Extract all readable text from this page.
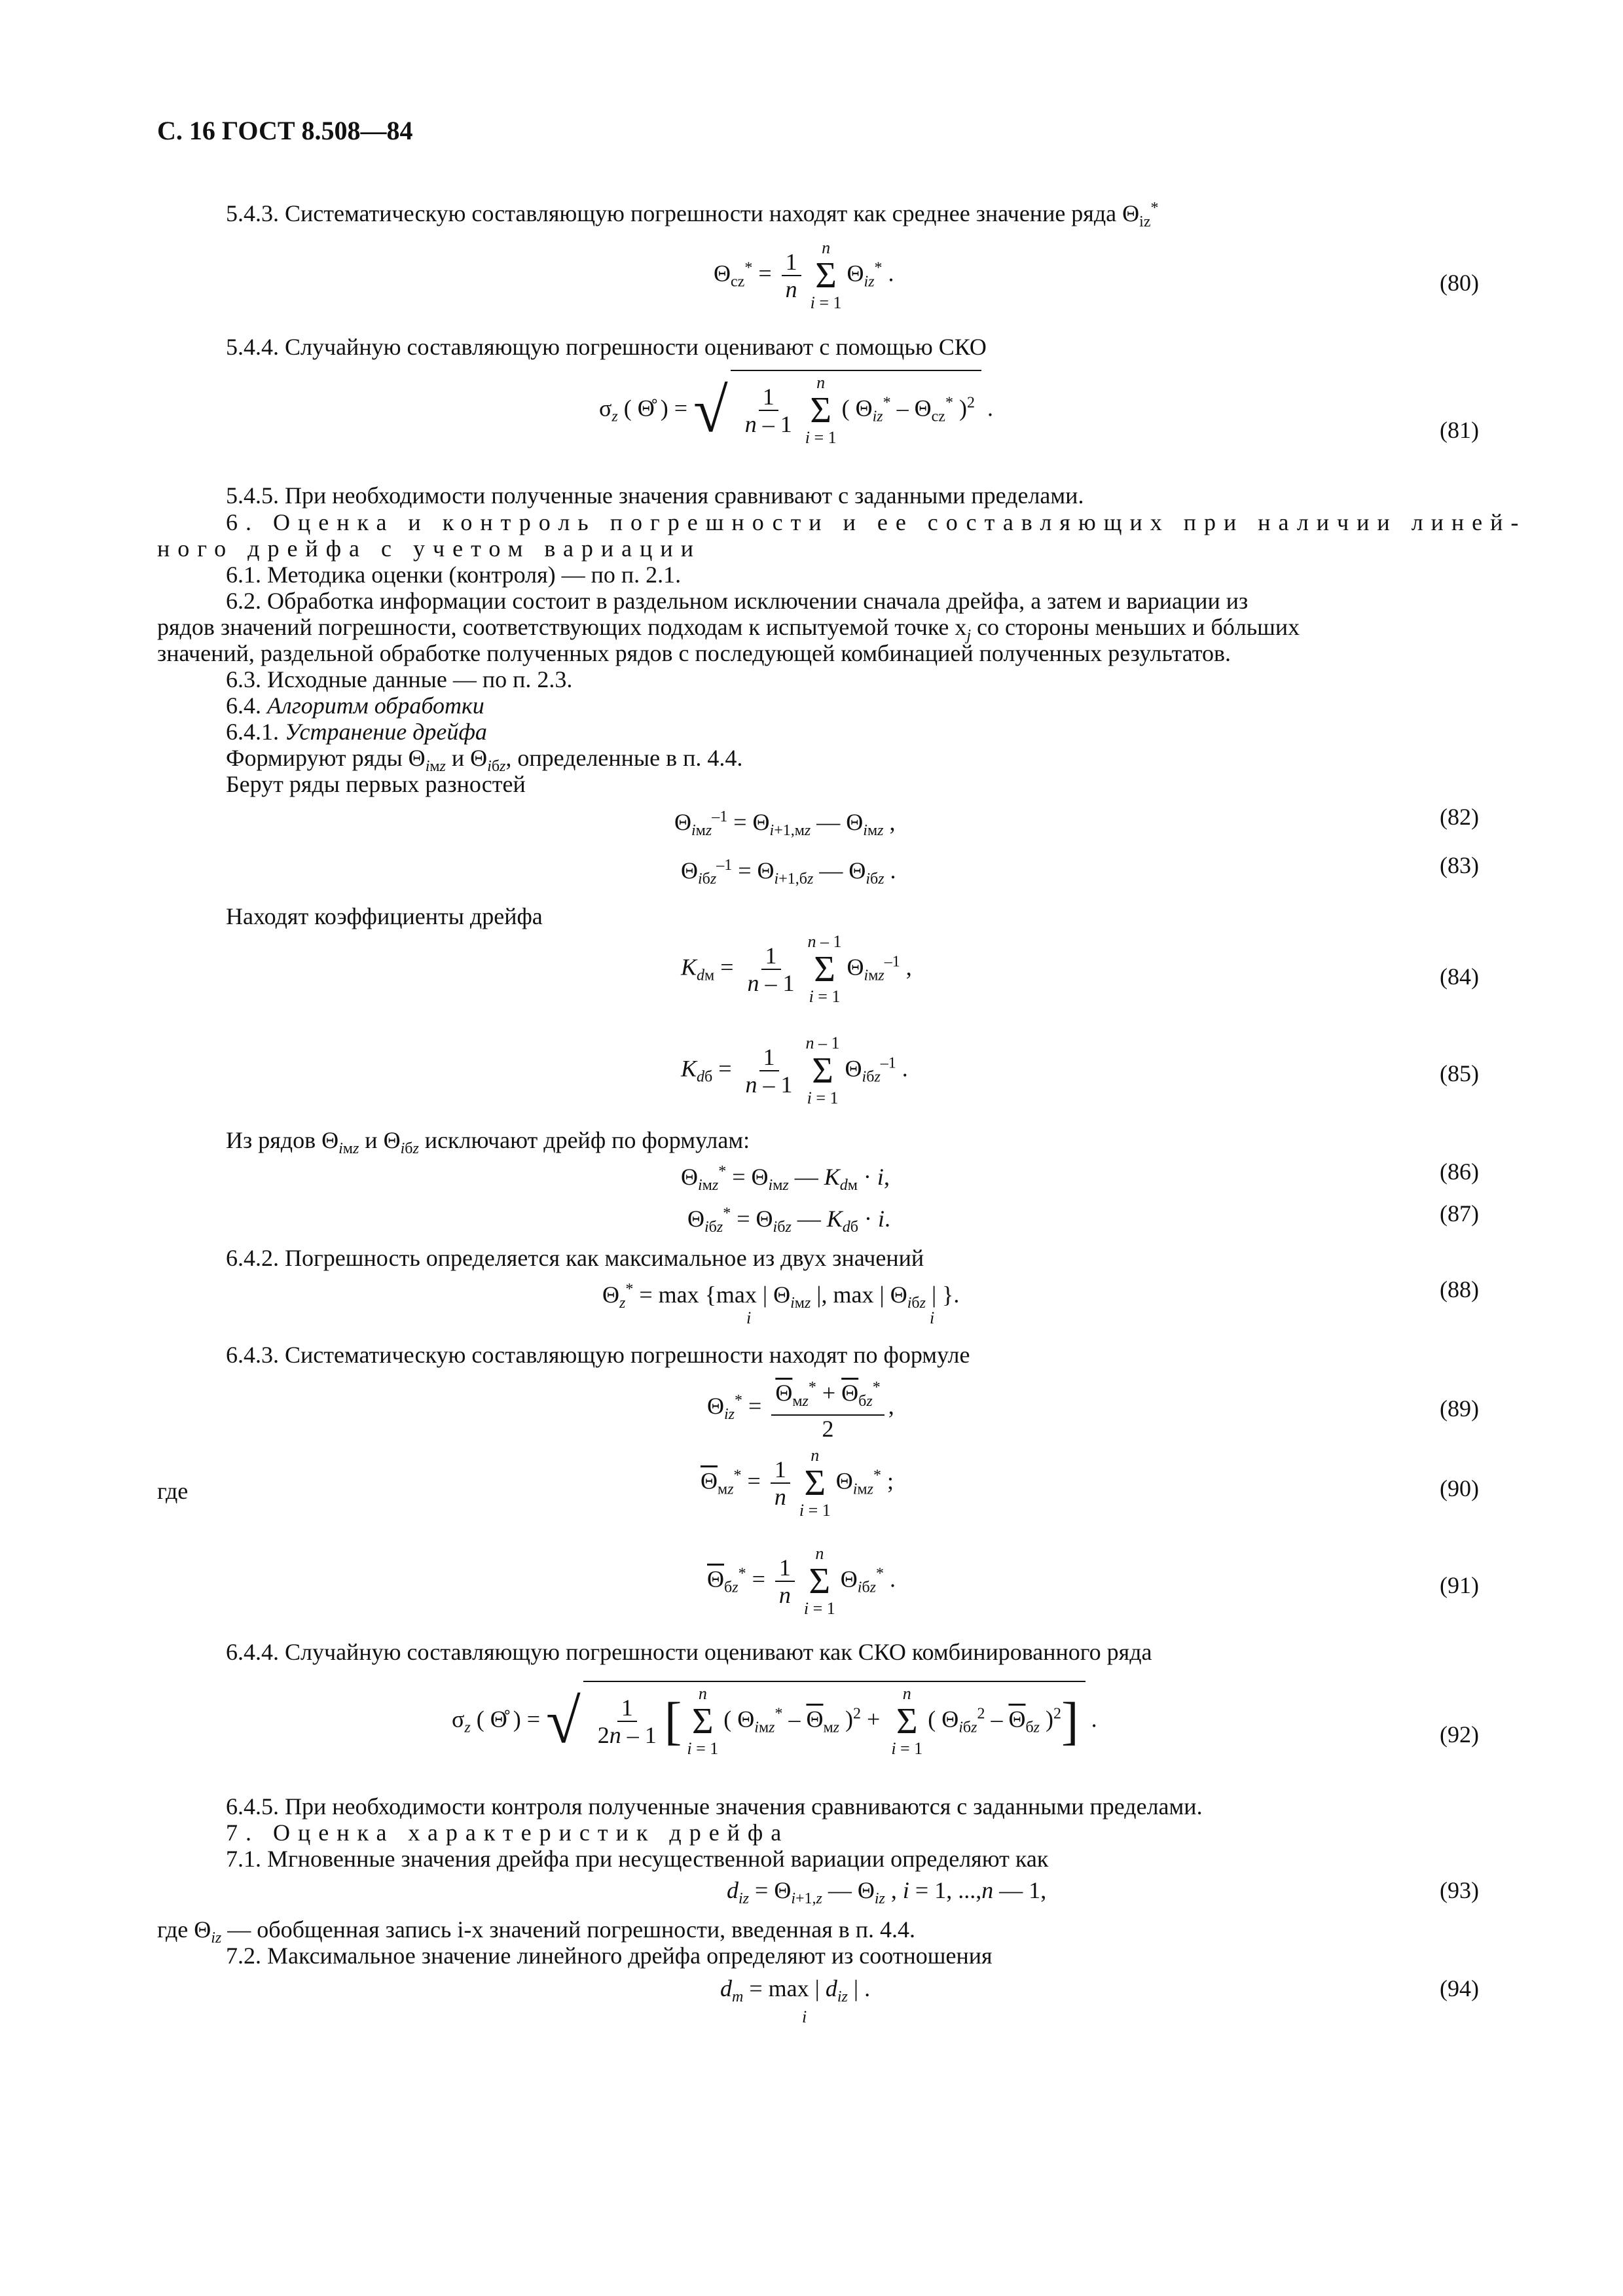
С. 16 ГОСТ 8.508—84
5.4.3. Систематическую составляющую погрешности находят как среднее значение ряда $\Theta_{iz}^*$
$\Theta_{cz}^* = \frac{1}{n}$
n
Σ
i = 1
$\Theta_{iz}^*$ .	(80)
5.4.4. Случайную составляющую погрешности оценивают с помощью СКО
$\sigma_z$ ( Θ̊ ) = √ $\frac{1}{n - 1}$
n
Σ
i = 1
( $\Theta_{iz}^* - \Theta_{cz}^*$ )$^2$ .
(81)
5.4.5. При необходимости полученные значения сравнивают с заданными пределами.
6. Оценка и контроль погрешности и ее составляющих при наличии линей-
ного дрейфа с учетом вариации
6.1. Методика оценки (контроля) — по п. 2.1.
6.2. Обработка информации состоит в раздельном исключении сначала дрейфа, а затем и вариации из
рядов значений погрешности, соответствующих подходам к испытуемой точке $x_j$ со стороны меньших и бóльших
значений, раздельной обработке полученных рядов с последующей комбинацией полученных результатов.
6.3. Исходные данные — по п. 2.3.
6.4. Алгоритм обработки
6.4.1. Устранение дрейфа
Формируют ряды $\Theta_{iмz}$ и $\Theta_{iбz}$, определенные в п. 4.4.
Берут ряды первых разностей
$\Theta_{iмz}^{-1} = \Theta_{i+1,мz}$ — $\Theta_{iмz}$ ,	(82)
$\Theta_{iбz}^{-1} = \Theta_{i+1,бz}$ — $\Theta_{iбz}$ .	(83)
Находят коэффициенты дрейфа
$K_{dм} = \frac{1}{n - 1}$
n – 1
Σ
i = 1
$\Theta_{iмz}^{-1}$ ,	(84)
$K_{dб} = \frac{1}{n - 1}$
n – 1
Σ
i = 1
$\Theta_{iбz}^{-1}$ .	(85)
Из рядов $\Theta_{iмz}$ и $\Theta_{iбz}$ исключают дрейф по формулам:
$\Theta_{iмz}^* = \Theta_{iмz}$ — $K_{dм} \cdot i$,	(86)
$\Theta_{iбz}^* = \Theta_{iбz}$ — $K_{dб} \cdot i$.	(87)
6.4.2. Погрешность определяется как максимальное из двух значений
$\Theta_z^* = \max \{\max$ | $\Theta_{iмz}$ |, max | $\Theta_{iбz}$ | }.
i	i
(88)
6.4.3. Систематическую составляющую погрешности находят по формуле
$\Theta_{iz}^* = \frac{\overline{\Theta}_{мz}^* + \overline{\Theta}_{бz}^*}{2}$ ,	(89)
где	$\overline{\Theta}_{мz}^* = \frac{1}{n}$
n
Σ
i = 1
$\Theta_{iмz}^*$ ;	(90)
$\overline{\Theta}_{бz}^* = \frac{1}{n}$
n
Σ
i = 1
$\Theta_{iбz}^*$ .	(91)
6.4.4. Случайную составляющую погрешности оценивают как СКО комбинированного ряда
$\sigma_z$ ( Θ̊ ) = √ $\frac{1}{2n - 1}$ [ n
Σ
i = 1
( $\Theta_{iмz}^* - \overline{\Theta}_{мz}$ )$^2$ +
n
Σ
i = 1
( $\Theta_{iбz}^2 - \overline{\Theta}_{бz}$ )$^2$] .
(92)
6.4.5. При необходимости контроля полученные значения сравниваются с заданными пределами.
7. Оценка характеристик дрейфа
7.1. Мгновенные значения дрейфа при несущественной вариации определяют как
$d_{iz} = \Theta_{i+1,z}$ — $\Theta_{iz}$ , i = 1, ...,n — 1,	(93)
где $\Theta_{iz}$ — обобщенная запись i-х значений погрешности, введенная в п. 4.4.
7.2. Максимальное значение линейного дрейфа определяют из соотношения
$d_m = \max$ | $d_{iz}$ | .
i
(94)
